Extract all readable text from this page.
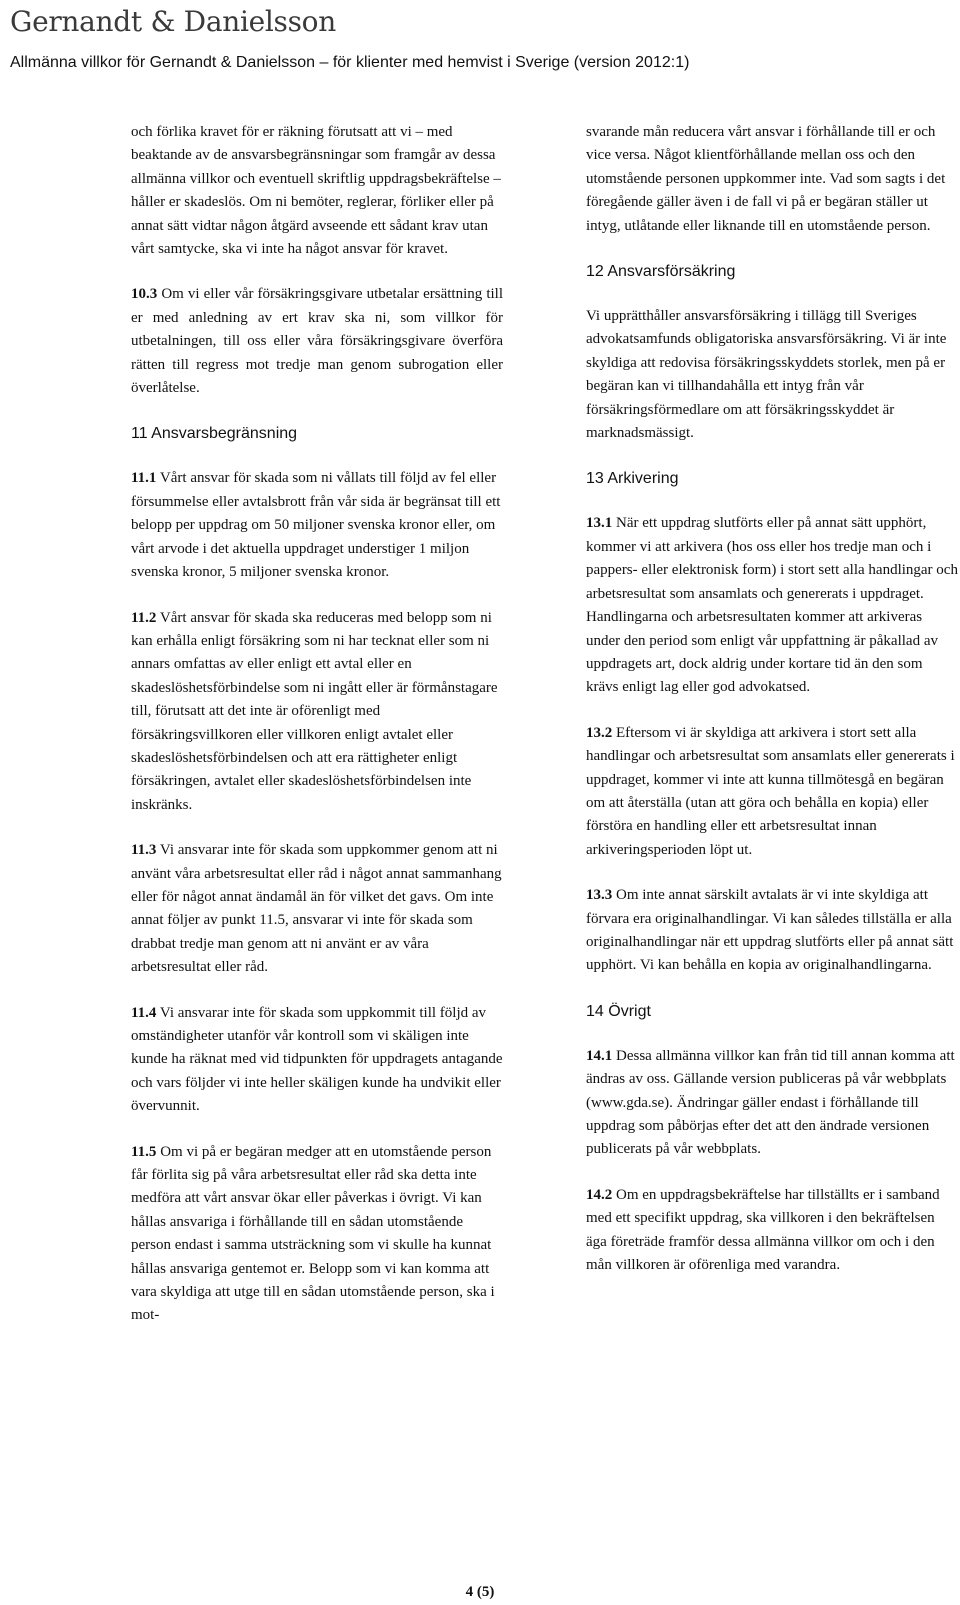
Gernandt & Danielsson
Allmänna villkor för Gernandt & Danielsson – för klienter med hemvist i Sverige (version 2012:1)

och förlika kravet för er räkning förutsatt att vi – med beaktande av de ansvarsbegränsningar som framgår av dessa allmänna villkor och eventuell skriftlig uppdragsbekräftelse – håller er skadeslös. Om ni bemöter, reglerar, förliker eller på annat sätt vidtar någon åtgärd avseende ett sådant krav utan vårt samtycke, ska vi inte ha något ansvar för kravet.

10.3 Om vi eller vår försäkringsgivare utbetalar ersättning till er med anledning av ert krav ska ni, som villkor för utbetalningen, till oss eller våra försäkringsgivare överföra rätten till regress mot tredje man genom subrogation eller överlåtelse.

11 Ansvarsbegränsning

11.1 Vårt ansvar för skada som ni vållats till följd av fel eller försummelse eller avtalsbrott från vår sida är begränsat till ett belopp per uppdrag om 50 miljoner svenska kronor eller, om vårt arvode i det aktuella uppdraget understiger 1 miljon svenska kronor, 5 miljoner svenska kronor.

11.2 Vårt ansvar för skada ska reduceras med belopp som ni kan erhålla enligt försäkring som ni har tecknat eller som ni annars omfattas av eller enligt ett avtal eller en skadeslöshetsförbindelse som ni ingått eller är förmånstagare till, förutsatt att det inte är oförenligt med försäkringsvillkoren eller villkoren enligt avtalet eller skadeslöshetsförbindelsen och att era rättigheter enligt försäkringen, avtalet eller skadeslöshetsförbindelsen inte inskränks.

11.3 Vi ansvarar inte för skada som uppkommer genom att ni använt våra arbetsresultat eller råd i något annat sammanhang eller för något annat ändamål än för vilket det gavs. Om inte annat följer av punkt 11.5, ansvarar vi inte för skada som drabbat tredje man genom att ni använt er av våra arbetsresultat eller råd.

11.4 Vi ansvarar inte för skada som uppkommit till följd av omständigheter utanför vår kontroll som vi skäligen inte kunde ha räknat med vid tidpunkten för uppdragets antagande och vars följder vi inte heller skäligen kunde ha undvikit eller övervunnit.

11.5 Om vi på er begäran medger att en utomstående person får förlita sig på våra arbetsresultat eller råd ska detta inte medföra att vårt ansvar ökar eller påverkas i övrigt. Vi kan hållas ansvariga i förhållande till en sådan utomstående person endast i samma utsträckning som vi skulle ha kunnat hållas ansvariga gentemot er. Belopp som vi kan komma att vara skyldiga att utge till en sådan utomstående person, ska i mot-

svarande mån reducera vårt ansvar i förhållande till er och vice versa. Något klientförhållande mellan oss och den utomstående personen uppkommer inte. Vad som sagts i det föregående gäller även i de fall vi på er begäran ställer ut intyg, utlåtande eller liknande till en utomstående person.

12 Ansvarsförsäkring

Vi upprätthåller ansvarsförsäkring i tillägg till Sveriges advokatsamfunds obligatoriska ansvarsförsäkring. Vi är inte skyldiga att redovisa försäkringsskyddets storlek, men på er begäran kan vi tillhandahålla ett intyg från vår försäkringsförmedlare om att försäkringsskyddet är marknadsmässigt.

13 Arkivering

13.1 När ett uppdrag slutförts eller på annat sätt upphört, kommer vi att arkivera (hos oss eller hos tredje man och i pappers- eller elektronisk form) i stort sett alla handlingar och arbetsresultat som ansamlats och genererats i uppdraget. Handlingarna och arbetsresultaten kommer att arkiveras under den period som enligt vår uppfattning är påkallad av uppdragets art, dock aldrig under kortare tid än den som krävs enligt lag eller god advokatsed.

13.2 Eftersom vi är skyldiga att arkivera i stort sett alla handlingar och arbetsresultat som ansamlats eller genererats i uppdraget, kommer vi inte att kunna tillmötesgå en begäran om att återställa (utan att göra och behålla en kopia) eller förstöra en handling eller ett arbetsresultat innan arkiveringsperioden löpt ut.

13.3 Om inte annat särskilt avtalats är vi inte skyldiga att förvara era originalhandlingar. Vi kan således tillställa er alla originalhandlingar när ett uppdrag slutförts eller på annat sätt upphört. Vi kan behålla en kopia av originalhandlingarna.

14 Övrigt

14.1 Dessa allmänna villkor kan från tid till annan komma att ändras av oss. Gällande version publiceras på vår webbplats (www.gda.se). Ändringar gäller endast i förhållande till uppdrag som påbörjas efter det att den ändrade versionen publicerats på vår webbplats.

14.2 Om en uppdragsbekräftelse har tillställts er i samband med ett specifikt uppdrag, ska villkoren i den bekräftelsen äga företräde framför dessa allmänna villkor om och i den mån villkoren är oförenliga med varandra.

4 (5)
